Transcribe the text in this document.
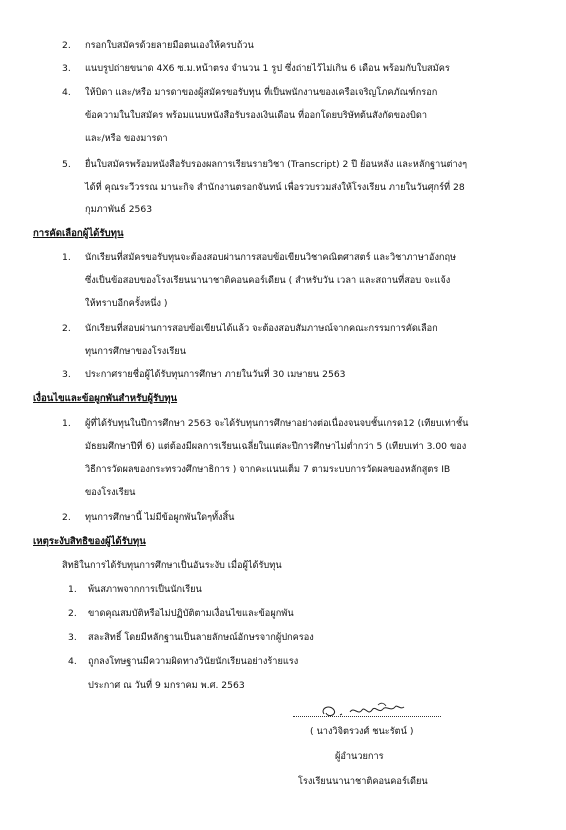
2. กรอกใบสมัครด้วยลายมือตนเองให้ครบถ้วน
3. แนบรูปถ่ายขนาด 4X6 ซ.ม.หน้าตรง จำนวน 1 รูป ซึ่งถ่ายไว้ไม่เกิน 6 เดือน พร้อมกับใบสมัคร
4. ให้บิดา และ/หรือ มารดาของผู้สมัครขอรับทุน ที่เป็นพนักงานของเครือเจริญโภคภัณฑ์กรอก
ข้อความในใบสมัคร พร้อมแนบหนังสือรับรองเงินเดือน ที่ออกโดยบริษัทต้นสังกัดของบิดา
และ/หรือ ของมารดา
5. ยื่นใบสมัครพร้อมหนังสือรับรองผลการเรียนรายวิชา (Transcript) 2 ปี ย้อนหลัง และหลักฐานต่างๆ
ได้ที่ คุณระวีวรรณ มานะกิจ สำนักงานตรอกจันทน์ เพื่อรวบรวมส่งให้โรงเรียน ภายในวันศุกร์ที่ 28
กุมภาพันธ์ 2563
การคัดเลือกผู้ได้รับทุน
1. นักเรียนที่สมัครขอรับทุนจะต้องสอบผ่านการสอบข้อเขียนวิชาคณิตศาสตร์ และวิชาภาษาอังกฤษ
ซึ่งเป็นข้อสอบของโรงเรียนนานาชาติคอนคอร์เดียน ( สำหรับวัน เวลา และสถานที่สอบ จะแจ้ง
ให้ทราบอีกครั้งหนึ่ง )
2. นักเรียนที่สอบผ่านการสอบข้อเขียนได้แล้ว จะต้องสอบสัมภาษณ์จากคณะกรรมการคัดเลือก
ทุนการศึกษาของโรงเรียน
3. ประกาศรายชื่อผู้ได้รับทุนการศึกษา ภายในวันที่ 30 เมษายน 2563
เงื่อนไขและข้อผูกพันสำหรับผู้รับทุน
1. ผู้ที่ได้รับทุนในปีการศึกษา 2563 จะได้รับทุนการศึกษาอย่างต่อเนื่องจนจบชั้นเกรด12 (เทียบเท่าชั้น
มัธยมศึกษาปีที่ 6) แต่ต้องมีผลการเรียนเฉลี่ยในแต่ละปีการศึกษาไม่ต่ำกว่า 5 (เทียบเท่า 3.00 ของ
วิธีการวัดผลของกระทรวงศึกษาธิการ ) จากคะแนนเต็ม 7 ตามระบบการวัดผลของหลักสูตร IB
ของโรงเรียน
2. ทุนการศึกษานี้ ไม่มีข้อผูกพันใดๆทั้งสิ้น
เหตุระงับสิทธิของผู้ได้รับทุน
สิทธิในการได้รับทุนการศึกษาเป็นอันระงับ เมื่อผู้ได้รับทุน
1. พ้นสภาพจากการเป็นนักเรียน
2. ขาดคุณสมบัติหรือไม่ปฏิบัติตามเงื่อนไขและข้อผูกพัน
3. สละสิทธิ์ โดยมีหลักฐานเป็นลายลักษณ์อักษรจากผู้ปกครอง
4. ถูกลงโทษฐานมีความผิดทางวินัยนักเรียนอย่างร้ายแรง
ประกาศ ณ วันที่ 9 มกราคม พ.ศ. 2563
( นางวิจิตรวงศ์ ชนะรัตน์ )
ผู้อำนวยการ
โรงเรียนนานาชาติคอนคอร์เดียน
